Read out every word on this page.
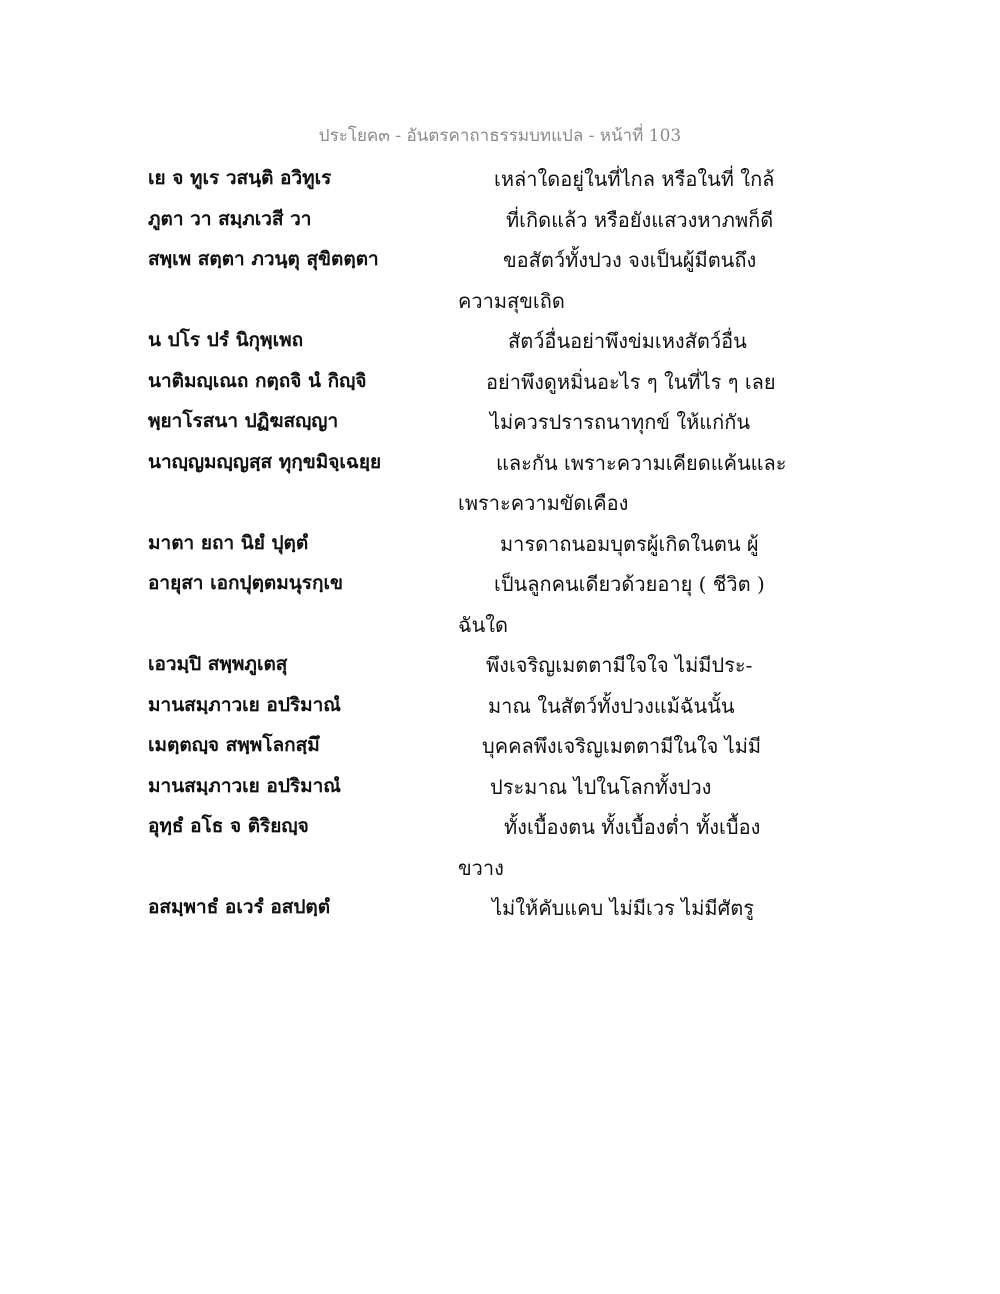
ประโยค๓ - อันตรคาถาธรรมบทแปล - หน้าที่ 103
เย จ ทูเร วสนฺติ อวิทูเร	เหล่าใดอยู่ในที่ไกล หรือในที่ ใกล้
ภูตา วา สมฺภเวสี วา	ที่เกิดแล้ว หรือยังแสวงหาภพก็ดี
สพฺเพ สตฺตา ภวนฺตุ สุขิตตฺตา	ขอสัตว์ทั้งปวง จงเป็นผู้มีตนถึง
ความสุขเถิด
น ปโร ปรํ นิกุพฺเพถ	สัตว์อื่นอย่าพึงข่มเหงสัตว์อื่น
นาติมญฺเณถ กตฺถจิ นํ กิญฺจิ	อย่าพึงดูหมิ่นอะไร ๆ ในที่ไร ๆ เลย
พฺยาโรสนา ปฏิฆสญฺญา	ไม่ควรปรารถนาทุกข์ ให้แก่กัน
นาญฺญมญฺญสฺส ทุกฺขมิจฺเฉยฺย	และกัน เพราะความเคียดแค้นและ
เพราะความขัดเคือง
มาตา ยถา นิยํ ปุตฺตํ	มารดาถนอมบุตรผู้เกิดในตน ผู้
อายุสา เอกปุตฺตมนุรกฺเข	เป็นลูกคนเดียวด้วยอายุ ( ชีวิต )
ฉันใด
เอวมฺปิ สพฺพภูเตสุ	พึงเจริญเมตตามีใจใจ ไม่มีประ-
มานสมฺภาวเย อปริมาณํ	มาณ ในสัตว์ทั้งปวงแม้ฉันนั้น
เมตฺตญฺจ สพฺพโลกสฺมึ	บุคคลพึงเจริญเมตตามีในใจ ไม่มี
มานสมฺภาวเย อปริมาณํ	ประมาณ ไปในโลกทั้งปวง
อุทฺธํ อโธ จ ติริยญฺจ	ทั้งเบื้องตน ทั้งเบื้องต่ำ ทั้งเบื้อง
ขวาง
อสมฺพาธํ อเวรํ อสปตฺตํ	ไม่ให้คับแคบ ไม่มีเวร ไม่มีศัตรู
